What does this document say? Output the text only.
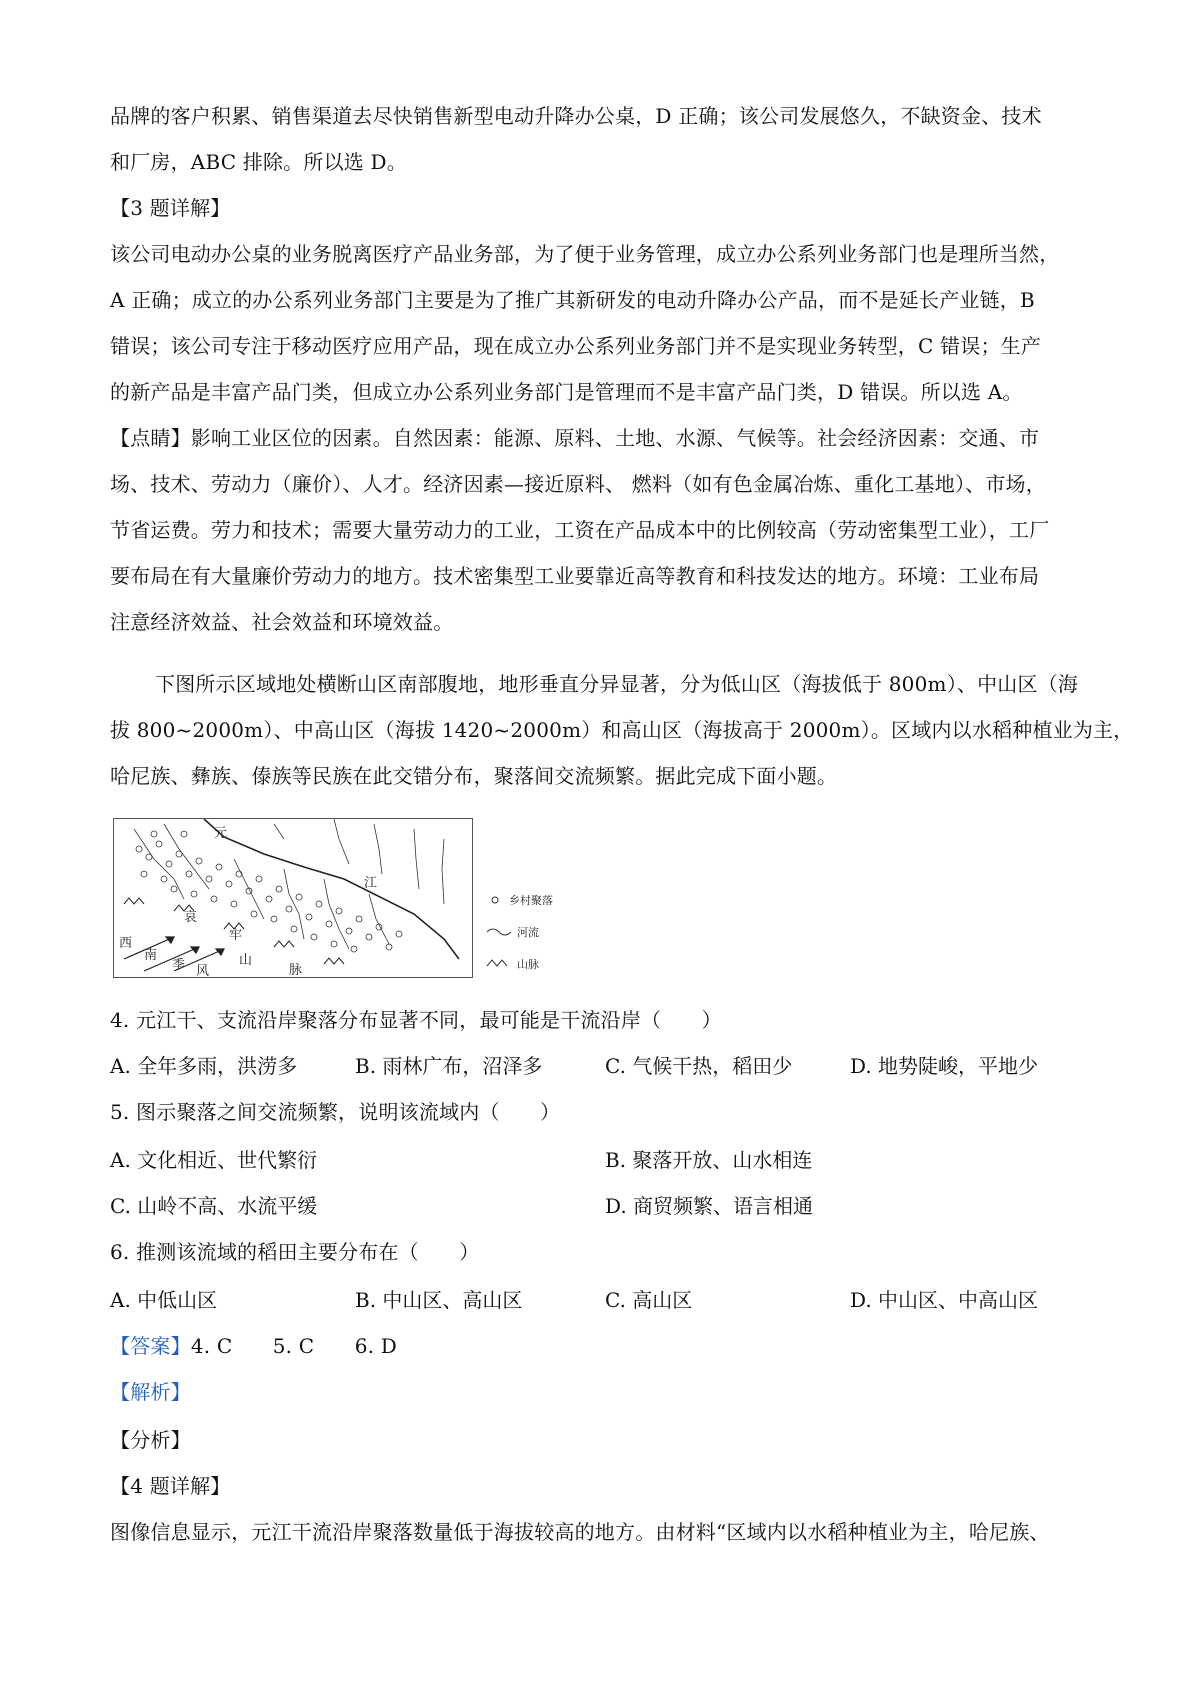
品牌的客户积累、销售渠道去尽快销售新型电动升降办公桌，D 正确；该公司发展悠久，不缺资金、技术
和厂房，ABC 排除。所以选 D。
【3 题详解】
该公司电动办公桌的业务脱离医疗产品业务部，为了便于业务管理，成立办公系列业务部门也是理所当然，
A 正确；成立的办公系列业务部门主要是为了推广其新研发的电动升降办公产品，而不是延长产业链，B
错误；该公司专注于移动医疗应用产品，现在成立办公系列业务部门并不是实现业务转型，C 错误；生产
的新产品是丰富产品门类，但成立办公系列业务部门是管理而不是丰富产品门类，D 错误。所以选 A。
【点睛】影响工业区位的因素。自然因素：能源、原料、土地、水源、气候等。社会经济因素：交通、市
场、技术、劳动力（廉价）、人才。经济因素—接近原料、 燃料（如有色金属冶炼、重化工基地）、市场，
节省运费。劳力和技术；需要大量劳动力的工业，工资在产品成本中的比例较高（劳动密集型工业），工厂
要布局在有大量廉价劳动力的地方。技术密集型工业要靠近高等教育和科技发达的地方。环境：工业布局
注意经济效益、社会效益和环境效益。
下图所示区域地处横断山区南部腹地，地形垂直分异显著，分为低山区（海拔低于 800m）、中山区（海
拔 800~2000m）、中高山区（海拔 1420~2000m）和高山区（海拔高于 2000m）。区域内以水稻种植业为主，
哈尼族、彝族、傣族等民族在此交错分布，聚落间交流频繁。据此完成下面小题。
元
江
哀
牢
山
脉
西
南
季 风
乡村聚落
河流
山脉
4. 元江干、支流沿岸聚落分布显著不同，最可能是干流沿岸（　　）
A. 全年多雨，洪涝多	B. 雨林广布，沼泽多	C. 气候干热，稻田少	D. 地势陡峻，平地少
5. 图示聚落之间交流频繁，说明该流域内（　　）
A. 文化相近、世代繁衍	B. 聚落开放、山水相连
C. 山岭不高、水流平缓	D. 商贸频繁、语言相通
6. 推测该流域的稻田主要分布在（　　）
A. 中低山区	B. 中山区、高山区	C. 高山区	D. 中山区、中高山区
【答案】4. C　　5. C　　6. D
【解析】
【分析】
【4 题详解】
图像信息显示，元江干流沿岸聚落数量低于海拔较高的地方。由材料“区域内以水稻种植业为主，哈尼族、
